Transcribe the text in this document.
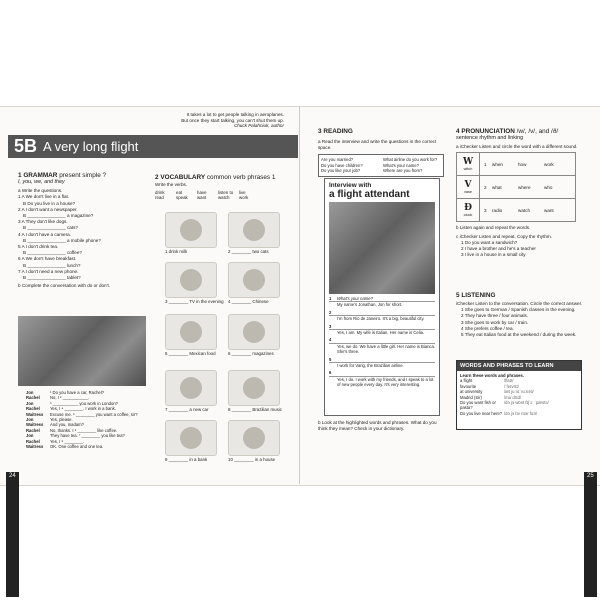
24	25
It takes a lot to get people talking in aeroplanes.
But once they start talking, you can't shut them up.
Chuck Palahniuk, author
5B A very long flight
1 GRAMMAR present simple ?
I, you, we, and they
a Write the questions.
1 A We don't live in a flat.
B Do you live in a house?
2 A I don't want a newspaper.
B _______________ a magazine?
3 A They don't like dogs.
B _______________ cats?
4 A I don't have a camera.
B _______________ a mobile phone?
5 A I don't drink tea.
B _______________ coffee?
6 A We don't have breakfast.
B _______________ lunch?
7 A I don't need a new phone.
B _______________ tablet?
b Complete the conversation with do or don't.
Jon	¹ Do you have a car, Rachel?
Rachel	No, I ² ___________.
Jon	³ ___________ you work in London?
Rachel	Yes, I ⁴ ________. I work in a bank.
Waitress	Excuse me. ⁵ ________ you want a coffee, sir?
Jon	Yes, please.
Waitress	And you, madam?
Rachel	No, thanks. I ⁶ ________ like coffee.
Jon	They have tea. ⁷ ________ you like tea?
Rachel	Yes, I ⁸ ________.
Waitress	OK. One coffee and one tea.
2 VOCABULARY common verb phrases 1
Write the verbs.
drink	eat	have	listen to	live
read	speak	want	watch	work
1 drink milk	2 ________ two cats
3 ________ TV in the evening 4 ________ Chinese
5 ________ Mexican food	6 ________ magazines
7 ________ a new car	8 ________ Brazilian music
9 ________ in a bank	10 ________ in a house
3 READING
a Read the interview and write the questions in the correct space.
Are you married?	What airline do you work for?
Do you have children?	What's your name?
Do you like your job?	Where are you from?
Interview with
a flight attendant
1	What's your name?
My name's Jonathan, Jon for short.
2
I'm from Rio de Janeiro. It's a big, beautiful city.
3
Yes, I am. My wife is Italian. Her name is Celia.
4
Yes, we do. We have a little girl. Her name is Bianca. She's three.
5
I work for Varig, the Brazilian airline.
6
Yes, I do. I work with my friends, and I speak to a lot of new people every day. It's very interesting.
b Look at the highlighted words and phrases. What do you think they mean? Check in your dictionary.
4 PRONUNCIATION /w/, /v/, and /ð/
sentence rhythm and linking
a iChecker Listen and circle the word with a different sound.
W
witch
1	when	how	work
V
vase
2	what	where	who
Ð
clock
3	radio	watch	want
b Listen again and repeat the words.
c iChecker Listen and repeat. Copy the rhythm.
1 Do you want a sandwich?
2 I have a brother and he's a teacher
3 I live in a house in a small city
5 LISTENING
iChecker Listen to the conversation. Circle the correct answer.
1 She goes to German / Spanish classes in the evening.
2 They have three / four animals.
3 She goes to work by car / train.
4 She prefers coffee / tea.
5 They eat Italian food at the weekend / during the week.
WORDS AND PHRASES TO LEARN
Learn these words and phrases.
a flight	/flaɪt/
favourite	/ˈfeɪvrɪt/
at university	/æt juːnɪˈvɜːsəti/
Madrid (Sir)	/maˈdrɪd/
Do you want fish or pasta?
/də jə wɒnt fɪʃ ɔː ˈpæstə/
Do you live near here? /də jə lɪv nɪər hɪə/
